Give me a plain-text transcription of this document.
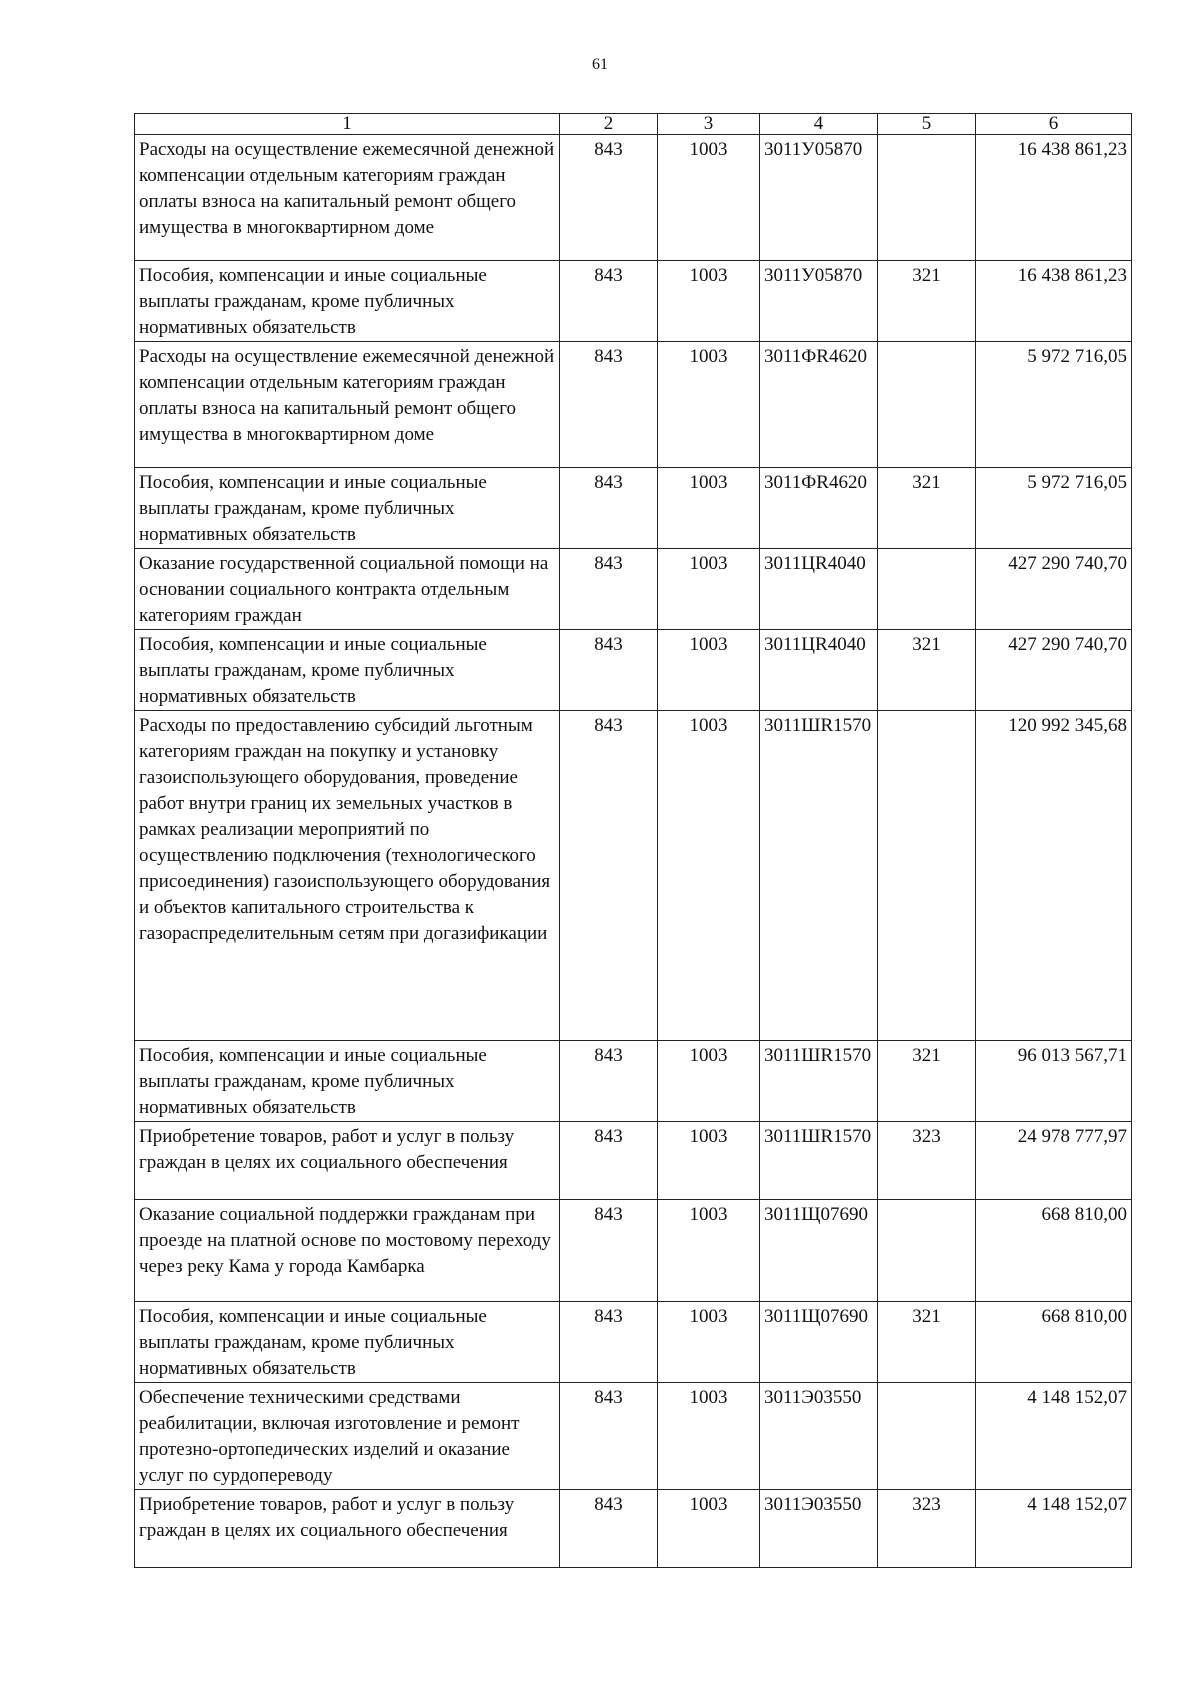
61
1	2	3	4	5	6
Расходы на осуществление ежемесячной денежной компенсации отдельным категориям граждан оплаты взноса на капитальный ремонт общего имущества в многоквартирном доме	843	1003	3011У05870		16 438 861,23
Пособия, компенсации и иные социальные выплаты гражданам, кроме публичных нормативных обязательств	843	1003	3011У05870	321	16 438 861,23
Расходы на осуществление ежемесячной денежной компенсации отдельным категориям граждан оплаты взноса на капитальный ремонт общего имущества в многоквартирном доме	843	1003	3011ФR4620		5 972 716,05
Пособия, компенсации и иные социальные выплаты гражданам, кроме публичных нормативных обязательств	843	1003	3011ФR4620	321	5 972 716,05
Оказание государственной социальной помощи на основании социального контракта отдельным категориям граждан	843	1003	3011ЦR4040		427 290 740,70
Пособия, компенсации и иные социальные выплаты гражданам, кроме публичных нормативных обязательств	843	1003	3011ЦR4040	321	427 290 740,70
Расходы по предоставлению субсидий льготным категориям граждан на покупку и установку газоиспользующего оборудования, проведение работ внутри границ их земельных участков в рамках реализации мероприятий по осуществлению подключения (технологического присоединения) газоиспользующего оборудования и объектов капитального строительства к газораспределительным сетям при догазификации	843	1003	3011ШR1570		120 992 345,68
Пособия, компенсации и иные социальные выплаты гражданам, кроме публичных нормативных обязательств	843	1003	3011ШR1570	321	96 013 567,71
Приобретение товаров, работ и услуг в пользу граждан в целях их социального обеспечения	843	1003	3011ШR1570	323	24 978 777,97
Оказание социальной поддержки гражданам при проезде на платной основе по мостовому переходу через реку Кама у города Камбарка	843	1003	3011Щ07690		668 810,00
Пособия, компенсации и иные социальные выплаты гражданам, кроме публичных нормативных обязательств	843	1003	3011Щ07690	321	668 810,00
Обеспечение техническими средствами реабилитации, включая изготовление и ремонт протезно-ортопедических изделий и оказание услуг по сурдопереводу	843	1003	3011Э03550		4 148 152,07
Приобретение товаров, работ и услуг в пользу граждан в целях их социального обеспечения	843	1003	3011Э03550	323	4 148 152,07
